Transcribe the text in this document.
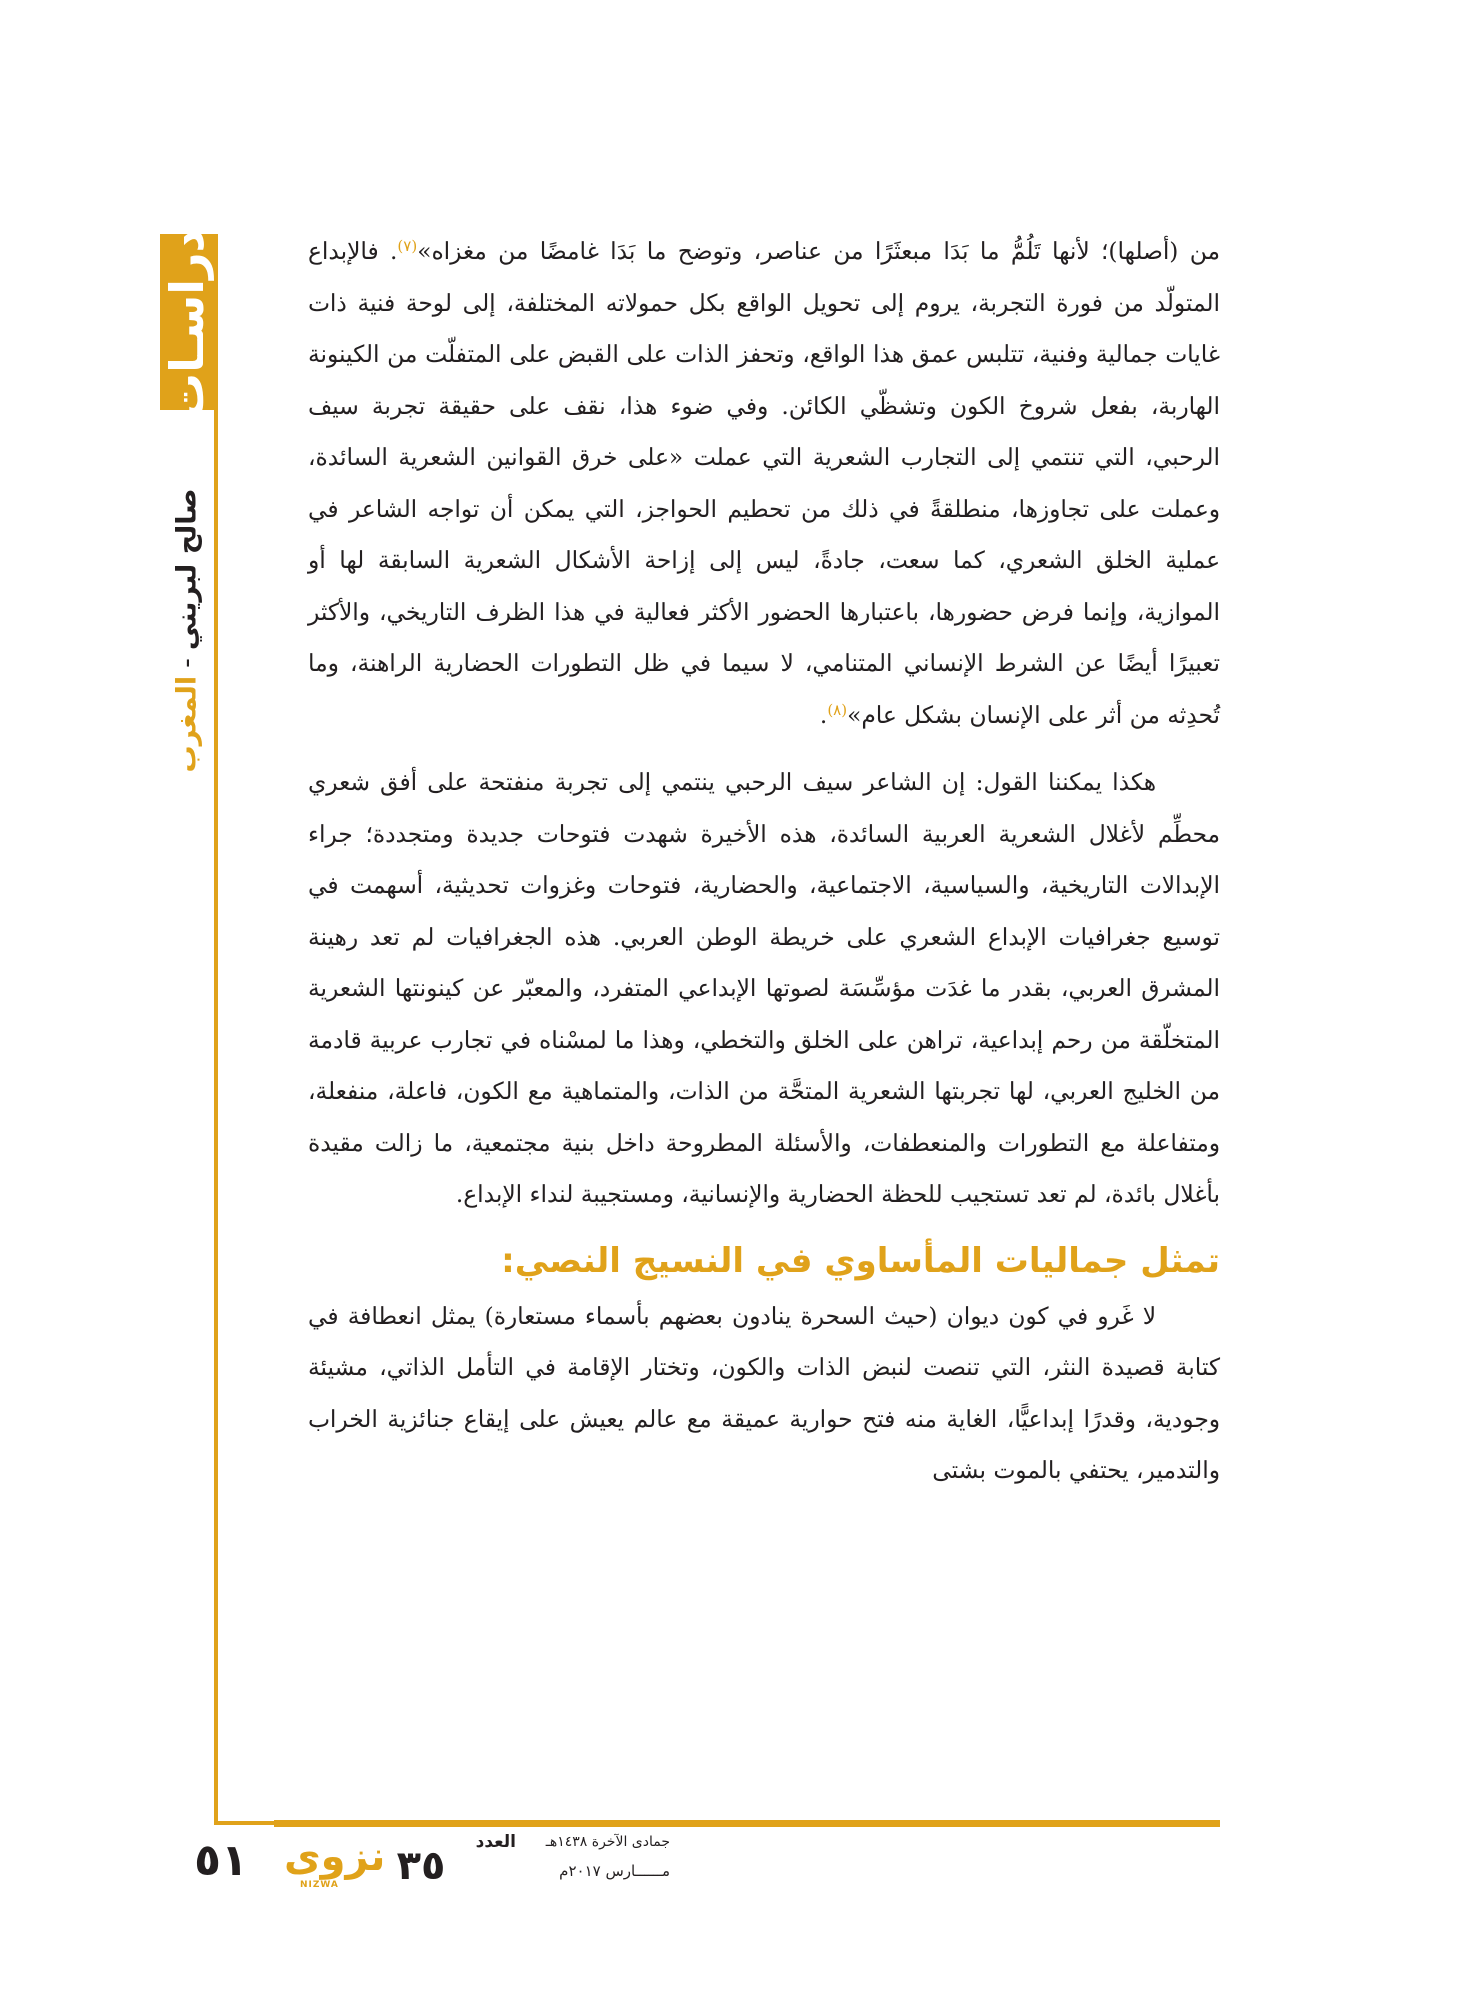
دراسـات
صالح لبريني-المغرب

من (أصلها)؛ لأنها تَلُمُّ ما بَدَا مبعثَرًا من عناصر، وتوضح ما بَدَا غامضًا من مغزاه»$^{(٧)}$. فالإبداع المتولّد من فورة التجربة، يروم إلى تحويل الواقع بكل حمولاته المختلفة، إلى لوحة فنية ذات غايات جمالية وفنية، تتلبس عمق هذا الواقع، وتحفز الذات على القبض على المتفلّت من الكينونة الهاربة، بفعل شروخ الكون وتشظّي الكائن. وفي ضوء هذا، نقف على حقيقة تجربة سيف الرحبي، التي تنتمي إلى التجارب الشعرية التي عملت «على خرق القوانين الشعرية السائدة، وعملت على تجاوزها، منطلقةً في ذلك من تحطيم الحواجز، التي يمكن أن تواجه الشاعر في عملية الخلق الشعري، كما سعت، جادةً، ليس إلى إزاحة الأشكال الشعرية السابقة لها أو الموازية، وإنما فرض حضورها، باعتبارها الحضور الأكثر فعالية في هذا الظرف التاريخي، والأكثر تعبيرًا أيضًا عن الشرط الإنساني المتنامي، لا سيما في ظل التطورات الحضارية الراهنة، وما تُحدِثه من أثر على الإنسان بشكل عام»$^{(٨)}$.

هكذا يمكننا القول: إن الشاعر سيف الرحبي ينتمي إلى تجربة منفتحة على أفق شعري محطِّم لأغلال الشعرية العربية السائدة، هذه الأخيرة شهدت فتوحات جديدة ومتجددة؛ جراء الإبدالات التاريخية، والسياسية، الاجتماعية، والحضارية، فتوحات وغزوات تحديثية، أسهمت في توسيع جغرافيات الإبداع الشعري على خريطة الوطن العربي. هذه الجغرافيات لم تعد رهينة المشرق العربي، بقدر ما غدَت مؤسِّسَة لصوتها الإبداعي المتفرد، والمعبّر عن كينونتها الشعرية المتخلّقة من رحم إبداعية، تراهن على الخلق والتخطي، وهذا ما لمسْناه في تجارب عربية قادمة من الخليج العربي، لها تجربتها الشعرية المتحَّة من الذات، والمتماهية مع الكون، فاعلة، منفعلة، ومتفاعلة مع التطورات والمنعطفات، والأسئلة المطروحة داخل بنية مجتمعية، ما زالت مقيدة بأغلال بائدة، لم تعد تستجيب للحظة الحضارية والإنسانية، ومستجيبة لنداء الإبداع.

تمثل جماليات المأساوي في النسيج النصي:

لا غَرو في كون ديوان (حيث السحرة ينادون بعضهم بأسماء مستعارة) يمثل انعطافة في كتابة قصيدة النثر، التي تنصت لنبض الذات والكون، وتختار الإقامة في التأمل الذاتي، مشيئة وجودية، وقدرًا إبداعيًّا، الغاية منه فتح حوارية عميقة مع عالم يعيش على إيقاع جنائزية الخراب والتدمير، يحتفي بالموت بشتى

٥١ نزوى
NIZWA	٣٥
العدد	جمادى الآخرة ١٤٣٨هـ
مــــــارس ٢٠١٧م
